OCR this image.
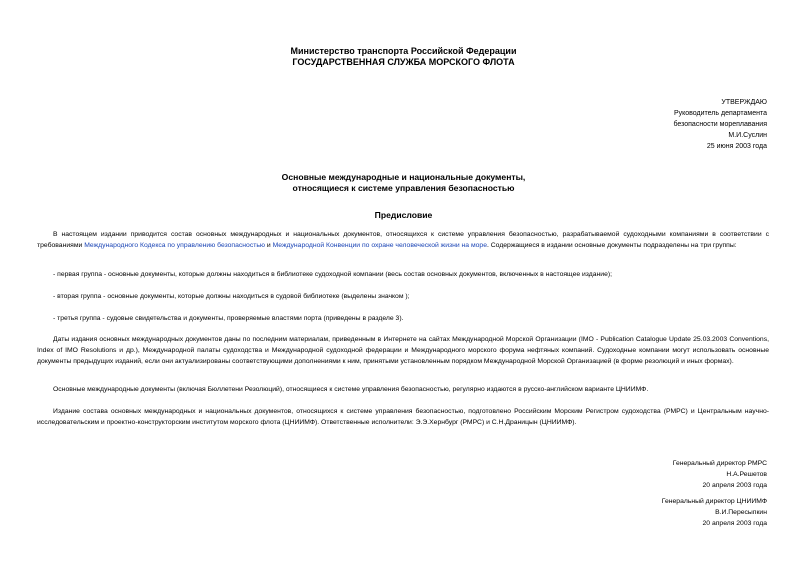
Министерство транспорта Российской Федерации
ГОСУДАРСТВЕННАЯ СЛУЖБА МОРСКОГО ФЛОТА
УТВЕРЖДАЮ
Руководитель департамента
безопасности мореплавания
М.И.Суслин
25 июня 2003 года
Основные международные и национальные документы,
относящиеся к системе управления безопасностью
Предисловие

В настоящем издании приводится состав основных международных и национальных документов, относящихся к системе управления безопасностью, разрабатываемой судоходными компаниями в соответствии с требованиями Международного Кодекса по управлению безопасностью и Международной Конвенции по охране человеческой жизни на море. Содержащиеся в издании основные документы подразделены на три группы:

- первая группа - основные документы, которые должны находиться в библиотеке судоходной компании (весь состав основных документов, включенных в настоящее издание);

- вторая группа - основные документы, которые должны находиться в судовой библиотеке (выделены значком );

- третья группа - судовые свидетельства и документы, проверяемые властями порта (приведены в разделе 3).

Даты издания основных международных документов даны по последним материалам, приведенным в Интернете на сайтах Международной Морской Организации (IMO - Publication Catalogue Update 25.03.2003 Conventions, Index of IMO Resolutions и др.), Международной палаты судоходства и Международной судоходной федерации и Международного морского форума нефтяных компаний. Судоходные компании могут использовать основные документы предыдущих изданий, если они актуализированы соответствующими дополнениями к ним, принятыми установленным порядком Международной Морской Организацией (в форме резолюций и иных формах).

Основные международные документы (включая Бюллетени Резолюций), относящиеся к системе управления безопасностью, регулярно издаются в русско-английском варианте ЦНИИМФ.

Издание состава основных международных и национальных документов, относящихся к системе управления безопасностью, подготовлено Российским Морским Регистром судоходства (РМРС) и Центральным научно-исследовательским и проектно-конструкторским институтом морского флота (ЦНИИМФ). Ответственные исполнители: Э.Э.Хернбург (РМРС) и С.Н.Драницын (ЦНИИМФ).

Генеральный директор РМРС
Н.А.Решетов
20 апреля 2003 года
Генеральный директор ЦНИИМФ
В.И.Пересыпкин
20 апреля 2003 года
